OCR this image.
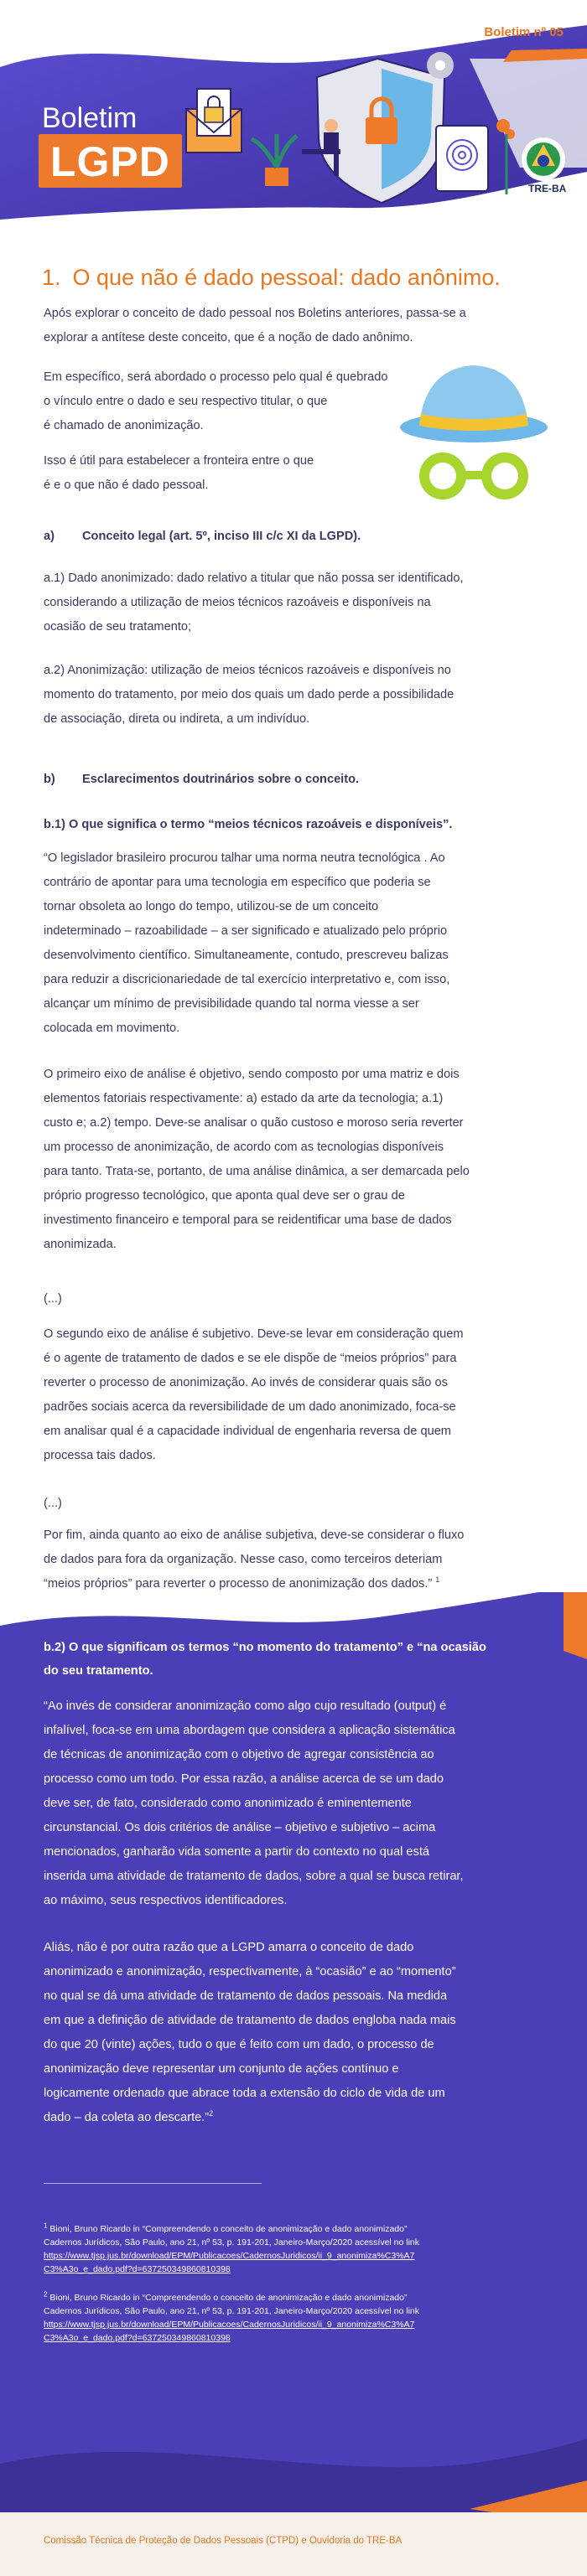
Boletim nº 05
Boletim
LGPD
TRE-BA
1. O que não é dado pessoal: dado anônimo.
Após explorar o conceito de dado pessoal nos Boletins anteriores, passa-se a
explorar a antítese deste conceito, que é a noção de dado anônimo.
Em específico, será abordado o processo pelo qual é quebrado
o vínculo entre o dado e seu respectivo titular, o que
é chamado de anonimização.
Isso é útil para estabelecer a fronteira entre o que
é e o que não é dado pessoal.
a) Conceito legal (art. 5º, inciso III c/c XI da LGPD).
a.1) Dado anonimizado: dado relativo a titular que não possa ser identificado,
considerando a utilização de meios técnicos razoáveis e disponíveis na
ocasião de seu tratamento;
a.2) Anonimização: utilização de meios técnicos razoáveis e disponíveis no
momento do tratamento, por meio dos quais um dado perde a possibilidade
de associação, direta ou indireta, a um indivíduo.
b) Esclarecimentos doutrinários sobre o conceito.
b.1) O que significa o termo “meios técnicos razoáveis e disponíveis”.
“O legislador brasileiro procurou talhar uma norma neutra tecnológica . Ao
contrário de apontar para uma tecnologia em específico que poderia se
tornar obsoleta ao longo do tempo, utilizou-se de um conceito
indeterminado – razoabilidade – a ser significado e atualizado pelo próprio
desenvolvimento científico. Simultaneamente, contudo, prescreveu balizas
para reduzir a discricionariedade de tal exercício interpretativo e, com isso,
alcançar um mínimo de previsibilidade quando tal norma viesse a ser
colocada em movimento.
O primeiro eixo de análise é objetivo, sendo composto por uma matriz e dois
elementos fatoriais respectivamente: a) estado da arte da tecnologia; a.1)
custo e; a.2) tempo. Deve-se analisar o quão custoso e moroso seria reverter
um processo de anonimização, de acordo com as tecnologias disponíveis
para tanto. Trata-se, portanto, de uma análise dinâmica, a ser demarcada pelo
próprio progresso tecnológico, que aponta qual deve ser o grau de
investimento financeiro e temporal para se reidentificar uma base de dados
anonimizada.
(...)
O segundo eixo de análise é subjetivo. Deve-se levar em consideração quem
é o agente de tratamento de dados e se ele dispõe de “meios próprios” para
reverter o processo de anonimização. Ao invés de considerar quais são os
padrões sociais acerca da reversibilidade de um dado anonimizado, foca-se
em analisar qual é a capacidade individual de engenharia reversa de quem
processa tais dados.
(...)
Por fim, ainda quanto ao eixo de análise subjetiva, deve-se considerar o fluxo
de dados para fora da organização. Nesse caso, como terceiros deteriam
“meios próprios” para reverter o processo de anonimização dos dados.” $^1$
b.2) O que significam os termos “no momento do tratamento” e “na ocasião
do seu tratamento.
“Ao invés de considerar anonimização como algo cujo resultado (output) é
infalível, foca-se em uma abordagem que considera a aplicação sistemática
de técnicas de anonimização com o objetivo de agregar consistência ao
processo como um todo. Por essa razão, a análise acerca de se um dado
deve ser, de fato, considerado como anonimizado é eminentemente
circunstancial. Os dois critérios de análise – objetivo e subjetivo – acima
mencionados, ganharão vida somente a partir do contexto no qual está
inserida uma atividade de tratamento de dados, sobre a qual se busca retirar,
ao máximo, seus respectivos identificadores.
Aliás, não é por outra razão que a LGPD amarra o conceito de dado
anonimizado e anonimização, respectivamente, à “ocasião” e ao “momento”
no qual se dá uma atividade de tratamento de dados pessoais. Na medida
em que a definição de atividade de tratamento de dados engloba nada mais
do que 20 (vinte) ações, tudo o que é feito com um dado, o processo de
anonimização deve representar um conjunto de ações contínuo e
logicamente ordenado que abrace toda a extensão do ciclo de vida de um
dado – da coleta ao descarte.”$^2$
$^1$ Bioni, Bruno Ricardo in “Compreendendo o conceito de anonimização e dado anonimizado”
Cadernos Jurídicos, São Paulo, ano 21, nº 53, p. 191-201, Janeiro-Março/2020 acessível no link
https://www.tjsp.jus.br/download/EPM/Publicacoes/CadernosJuridicos/ii_9_anonimiza%C3%A7
C3%A3o_e_dado.pdf?d=637250349860810398
$^2$ Bioni, Bruno Ricardo in “Compreendendo o conceito de anonimização e dado anonimizado”
Cadernos Jurídicos, São Paulo, ano 21, nº 53, p. 191-201, Janeiro-Março/2020 acessível no link
https://www.tjsp.jus.br/download/EPM/Publicacoes/CadernosJuridicos/ii_9_anonimiza%C3%A7
C3%A3o_e_dado.pdf?d=637250349860810398
Comissão Técnica de Proteção de Dados Pessoais (CTPD) e Ouvidoria do TRE-BA
